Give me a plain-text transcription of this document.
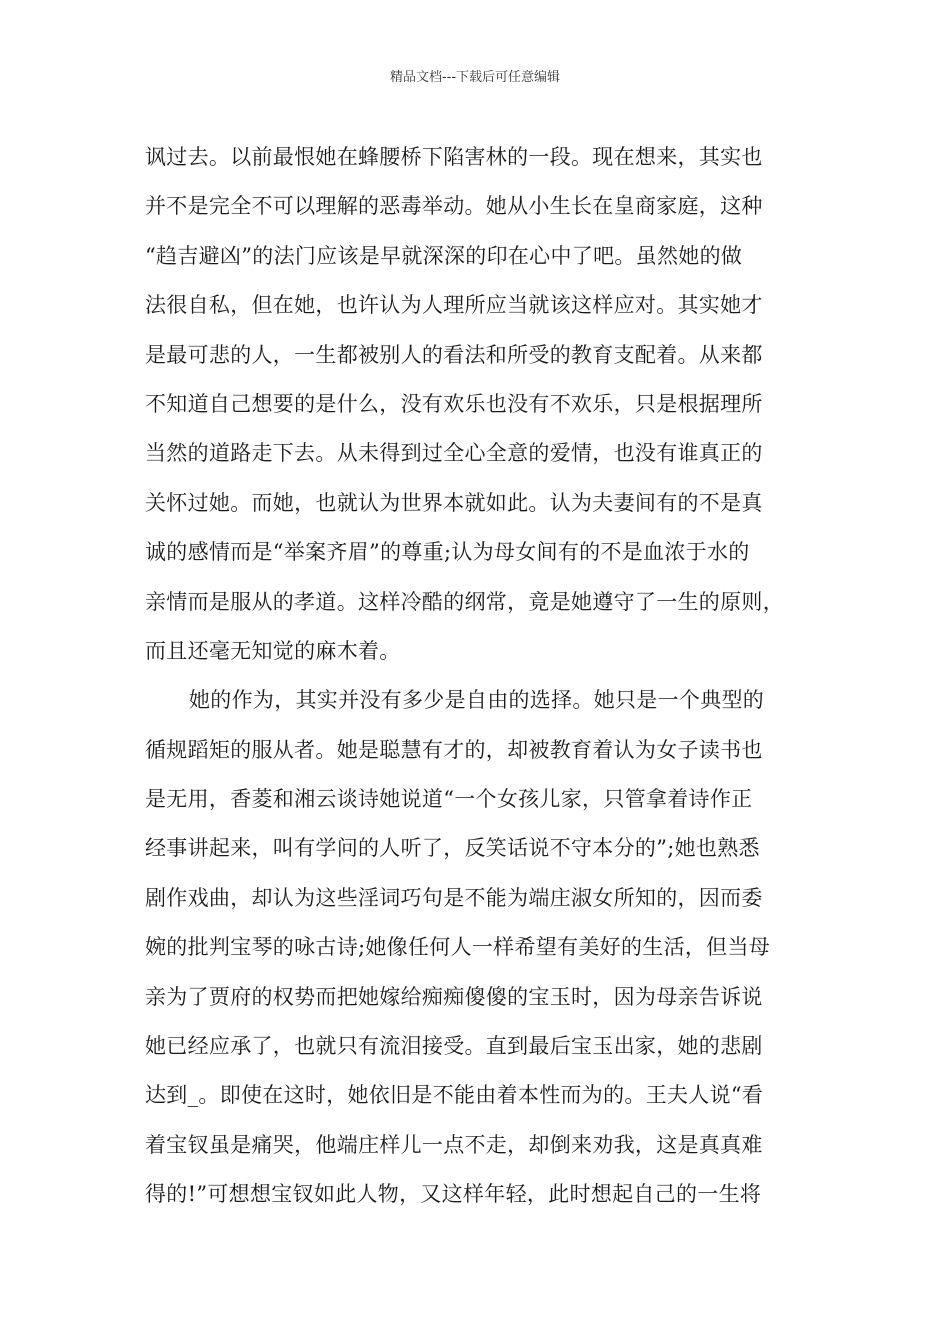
精品文档---下载后可任意编辑
讽过去。以前最恨她在蜂腰桥下陷害林的一段。现在想来，其实也
并不是完全不可以理解的恶毒举动。她从小生长在皇商家庭，这种
“趋吉避凶”的法门应该是早就深深的印在心中了吧。虽然她的做
法很自私，但在她，也许认为人理所应当就该这样应对。其实她才
是最可悲的人，一生都被别人的看法和所受的教育支配着。从来都
不知道自己想要的是什么，没有欢乐也没有不欢乐，只是根据理所
当然的道路走下去。从未得到过全心全意的爱情，也没有谁真正的
关怀过她。而她，也就认为世界本就如此。认为夫妻间有的不是真
诚的感情而是“举案齐眉”的尊重;认为母女间有的不是血浓于水的
亲情而是服从的孝道。这样冷酷的纲常，竟是她遵守了一生的原则，
而且还毫无知觉的麻木着。
她的作为，其实并没有多少是自由的选择。她只是一个典型的
循规蹈矩的服从者。她是聪慧有才的，却被教育着认为女子读书也
是无用，香菱和湘云谈诗她说道“一个女孩儿家，只管拿着诗作正
经事讲起来，叫有学问的人听了，反笑话说不守本分的”;她也熟悉
剧作戏曲，却认为这些淫词巧句是不能为端庄淑女所知的，因而委
婉的批判宝琴的咏古诗;她像任何人一样希望有美好的生活，但当母
亲为了贾府的权势而把她嫁给痴痴傻傻的宝玉时，因为母亲告诉说
她已经应承了，也就只有流泪接受。直到最后宝玉出家，她的悲剧
达到_。即使在这时，她依旧是不能由着本性而为的。王夫人说“看
着宝钗虽是痛哭，他端庄样儿一点不走，却倒来劝我，这是真真难
得的!”可想想宝钗如此人物，又这样年轻，此时想起自己的一生将
